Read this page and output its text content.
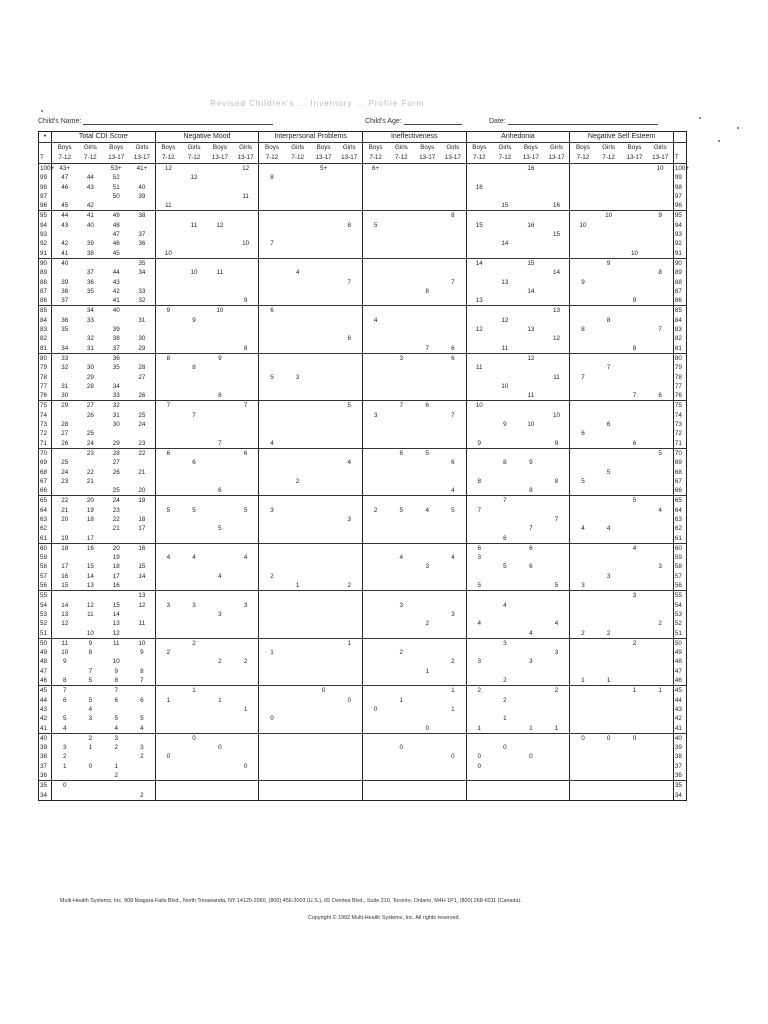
Revised Children's ... Inventory ... Profile Form
Child's Name:	Child's Age:	Date:
•	Total CDI Score				Negative Mood				Interpersonal Problems				Ineffectiveness				Anhedonia				Negative Self Esteem				
	Boys	Girls	Boys	Girls	Boys	Girls	Boys	Girls	Boys	Girls	Boys	Girls	Boys	Girls	Boys	Girls	Boys	Girls	Boys	Girls	Boys	Girls	Boys	Girls	
T	7-12	7-12	13-17	13-17	7-12	7-12	13-17	13-17	7-12	7-12	13-17	13-17	7-12	7-12	13-17	13-17	7-12	7-12	13-17	13-17	7-12	7-12	13-17	13-17	T
100+	43+		53+	41+	12			12			5+		6+						16					10	100+
99	47	44	52			12			8																99
98	46	43	51	40													16								98
97			50	39				11																	97
96	45	42			11													15		16					96
95	44	41	49	38												8						10		9	95
94	43	40	48			11	12					8	5				15		16		10				94
93			47	37																15					93
92	42	39	46	36				10	7									14							92
91	41	38	45		10																		10		91
90	40			35													14		15			9			90
89		37	44	34		10	11			4										14				8	89
88	39	36	43									7				7		13			9				88
87	38	35	42	33											8				14						87
86	37		41	32				9									13						9		86
85		34	40		9		10		6											13					85
84	36	33		31		9							4					12				8			84
83	35		39														12		13		8			7	83
82		32	38	30								6								12					82
81	34	31	37	29				8							7	6		11					8		81
80	33		36		8		9							3		6			12						80
79	32	30	35	28		8											11					7			79
78		29		27					5	3										11	7				78
77	31	28	34															10							77
76	30		33	26			8												11				7	6	76
75	29	27	32		7			7				5		7	6		10								75
74		26	31	25		7							3			7				10					74
73	28		30	24														9	10			6			73
72	27	25																			6				72
71	26	24	29	23			7		4								9			9			6		71
70		23	28	22	6			6						6	5									5	70
69	25		27			6						4				6		8	9						69
68	24	22	26	21																		5			68
67	23	21								2							8			8	5				67
66			25	20			6									4			8						66
65	22	20	24	19														7					5		65
64	21	19	23		5	5		5	3				2	5	4	5	7							4	64
63	20	18	22	18								3								7					63
62			21	17			5												7		4	4			62
61	19	17																6							61
60	18	16	20	16													6		6				4		60
59			19		4	4		4						4		4	3								59
58	17	15	18	15											3			5	6					3	58
57	16	14	17	14			4		2													3			57
56	15	13	16							1		2					5			5	3				56
55				13																			3		55
54	14	12	15	12	3	3		3						3				4							54
53	13	11	14				3									3									53
52	12		13	11											2		4			4				2	52
51		10	12																4		2	2			51
50	11	9	11	10		2						1						3					2		50
49	10	8		9	2				1					2						3					49
48	9		10				2	2								2	3		3						48
47		7	9	8											1										47
46	8	5	8	7														2			1	1			46
45	7		7			1					0					1	2			2			1	1	45
44	6	5	6	6	1		1					0		1				2							44
43		4						1					0			1									43
42	5	3	5	5					0									1							42
41	4		4	4											0		1		1	1					41
40		2	3			0															0	0	0		40
39	3	1	2	3			0							0				0							39
38	2			2	0											0	0		0						38
37	1	0	1					0									0								37
36			2																						36
35	0																								35
34				2																					34
Multi-Health Systems, Inc. 908 Niagara Falls Blvd., North Tonawanda, NY 14120-2060, (800) 456-3003 (U.S.), 65 Overlea Blvd., Suite 210, Toronto, Ontario, M4H 1P1, (800) 268-6011 (Canada).
Copyright © 1992 Multi-Health Systems, Inc. All rights reserved.
